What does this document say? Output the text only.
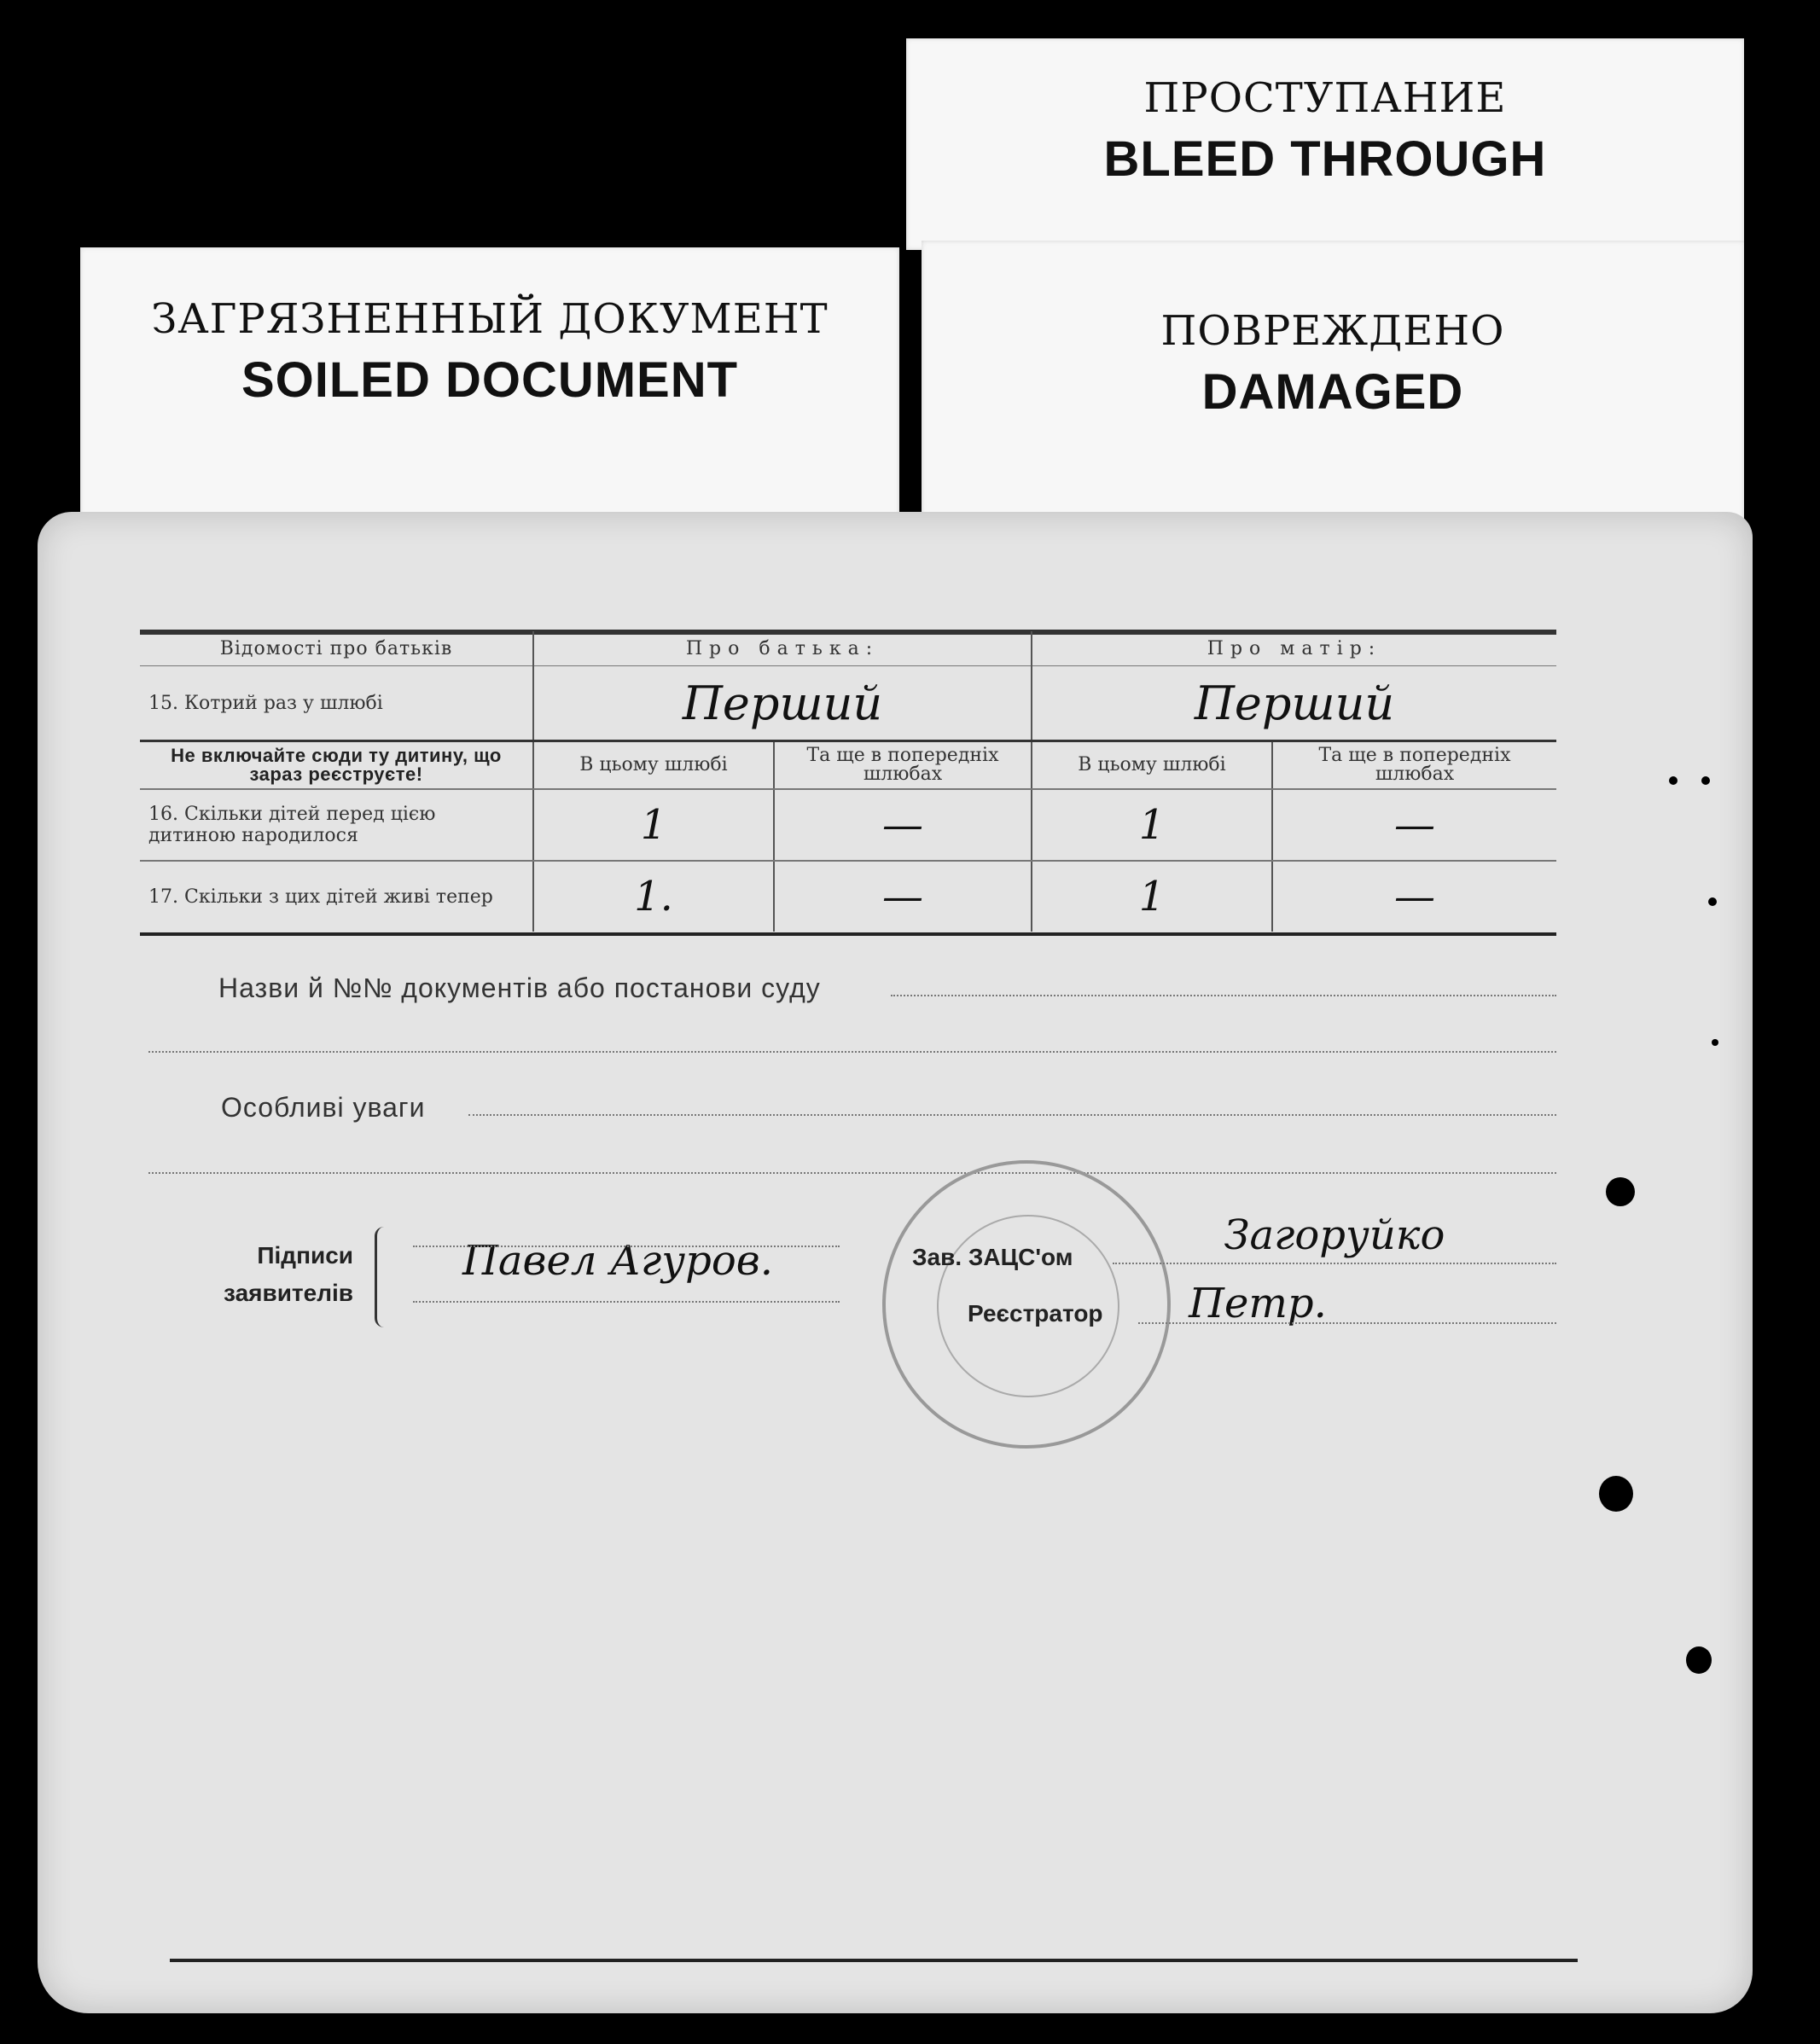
ПРОСТУПАНИЕ
BLEED THROUGH
ПОВРЕЖДЕНО
DAMAGED
ЗАГРЯЗНЕННЫЙ ДОКУМЕНТ
SOILED DOCUMENT
Відомості про батьків	Про батька:		Про матір:	
15. Котрий раз у шлюбі	Перший		Перший	
Не включайте сюди ту дитину, що зараз реєструєте!	В цьому шлюбі	Та ще в попередніх шлюбах	В цьому шлюбі	Та ще в попередніх шлюбах
16. Скільки дітей перед цією дитиною народилося	1	—	1	—
17. Скільки з цих дітей живі тепер	1.	—	1	—
Назви й №№ документів або постанови суду
Особливі уваги
Підписи заявителів
Павел Агуров.	Зав. ЗАЦС'ом	Загоруйко
Реєстратор	Петр.
